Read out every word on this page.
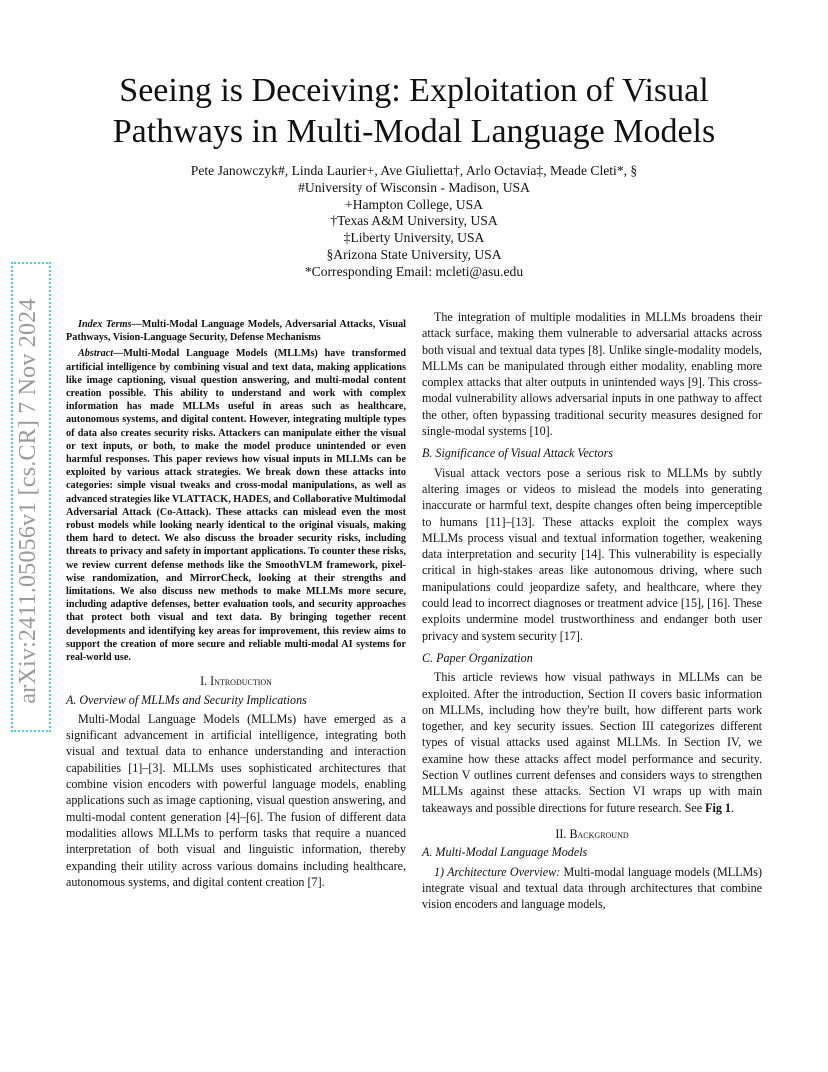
arXiv:2411.05056v1 [cs.CR] 7 Nov 2024
Seeing is Deceiving: Exploitation of Visual
Pathways in Multi-Modal Language Models
Pete Janowczyk#, Linda Laurier+, Ave Giulietta†, Arlo Octavia‡, Meade Cleti*, §
#University of Wisconsin - Madison, USA
+Hampton College, USA
†Texas A&M University, USA
‡Liberty University, USA
§Arizona State University, USA
*Corresponding Email: mcleti@asu.edu

Index Terms—Multi-Modal Language Models, Adversarial Attacks, Visual Pathways, Vision-Language Security, Defense Mechanisms

Abstract—Multi-Modal Language Models (MLLMs) have transformed artificial intelligence by combining visual and text data, making applications like image captioning, visual question answering, and multi-modal content creation possible. This ability to understand and work with complex information has made MLLMs useful in areas such as healthcare, autonomous systems, and digital content. However, integrating multiple types of data also creates security risks. Attackers can manipulate either the visual or text inputs, or both, to make the model produce unintended or even harmful responses. This paper reviews how visual inputs in MLLMs can be exploited by various attack strategies. We break down these attacks into categories: simple visual tweaks and cross-modal manipulations, as well as advanced strategies like VLATTACK, HADES, and Collaborative Multimodal Adversarial Attack (Co-Attack). These attacks can mislead even the most robust models while looking nearly identical to the original visuals, making them hard to detect. We also discuss the broader security risks, including threats to privacy and safety in important applications. To counter these risks, we review current defense methods like the SmoothVLM framework, pixel-wise randomization, and MirrorCheck, looking at their strengths and limitations. We also discuss new methods to make MLLMs more secure, including adaptive defenses, better evaluation tools, and security approaches that protect both visual and text data. By bringing together recent developments and identifying key areas for improvement, this review aims to support the creation of more secure and reliable multi-modal AI systems for real-world use.

I. Introduction
A. Overview of MLLMs and Security Implications

Multi-Modal Language Models (MLLMs) have emerged as a significant advancement in artificial intelligence, integrating both visual and textual data to enhance understanding and interaction capabilities [1]–[3]. MLLMs uses sophisticated architectures that combine vision encoders with powerful language models, enabling applications such as image captioning, visual question answering, and multi-modal content generation [4]–[6]. The fusion of different data modalities allows MLLMs to perform tasks that require a nuanced interpretation of both visual and linguistic information, thereby expanding their utility across various domains including healthcare, autonomous systems, and digital content creation [7].

The integration of multiple modalities in MLLMs broadens their attack surface, making them vulnerable to adversarial attacks across both visual and textual data types [8]. Unlike single-modality models, MLLMs can be manipulated through either modality, enabling more complex attacks that alter outputs in unintended ways [9]. This cross-modal vulnerability allows adversarial inputs in one pathway to affect the other, often bypassing traditional security measures designed for single-modal systems [10].

B. Significance of Visual Attack Vectors

Visual attack vectors pose a serious risk to MLLMs by subtly altering images or videos to mislead the models into generating inaccurate or harmful text, despite changes often being imperceptible to humans [11]–[13]. These attacks exploit the complex ways MLLMs process visual and textual information together, weakening data interpretation and security [14]. This vulnerability is especially critical in high-stakes areas like autonomous driving, where such manipulations could jeopardize safety, and healthcare, where they could lead to incorrect diagnoses or treatment advice [15], [16]. These exploits undermine model trustworthiness and endanger both user privacy and system security [17].

C. Paper Organization

This article reviews how visual pathways in MLLMs can be exploited. After the introduction, Section II covers basic information on MLLMs, including how they're built, how different parts work together, and key security issues. Section III categorizes different types of visual attacks used against MLLMs. In Section IV, we examine how these attacks affect model performance and security. Section V outlines current defenses and considers ways to strengthen MLLMs against these attacks. Section VI wraps up with main takeaways and possible directions for future research. See Fig 1.

II. Background
A. Multi-Modal Language Models

1) Architecture Overview: Multi-modal language models (MLLMs) integrate visual and textual data through architectures that combine vision encoders and language models,
